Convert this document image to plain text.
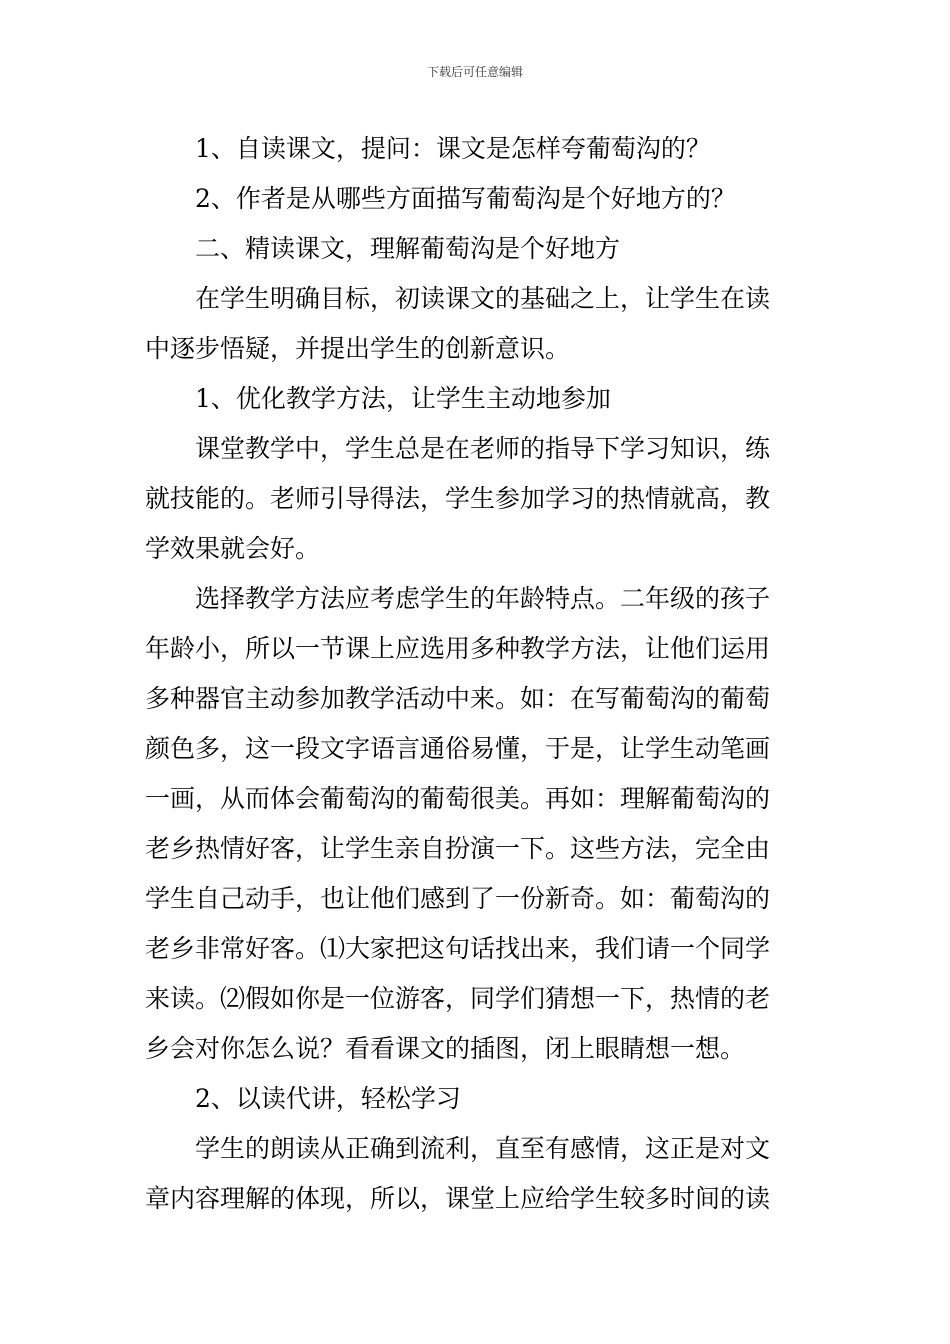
下载后可任意编辑
1、自读课文，提问：课文是怎样夸葡萄沟的？
2、作者是从哪些方面描写葡萄沟是个好地方的？
二、精读课文，理解葡萄沟是个好地方
在学生明确目标，初读课文的基础之上，让学生在读
中逐步悟疑，并提出学生的创新意识。
1、优化教学方法，让学生主动地参加
课堂教学中，学生总是在老师的指导下学习知识，练
就技能的。老师引导得法，学生参加学习的热情就高，教
学效果就会好。
选择教学方法应考虑学生的年龄特点。二年级的孩子
年龄小，所以一节课上应选用多种教学方法，让他们运用
多种器官主动参加教学活动中来。如：在写葡萄沟的葡萄
颜色多，这一段文字语言通俗易懂，于是，让学生动笔画
一画，从而体会葡萄沟的葡萄很美。再如：理解葡萄沟的
老乡热情好客，让学生亲自扮演一下。这些方法，完全由
学生自己动手，也让他们感到了一份新奇。如：葡萄沟的
老乡非常好客。⑴大家把这句话找出来，我们请一个同学
来读。⑵假如你是一位游客，同学们猜想一下，热情的老
乡会对你怎么说？看看课文的插图，闭上眼睛想一想。
2、以读代讲，轻松学习
学生的朗读从正确到流利，直至有感情，这正是对文
章内容理解的体现，所以，课堂上应给学生较多时间的读
